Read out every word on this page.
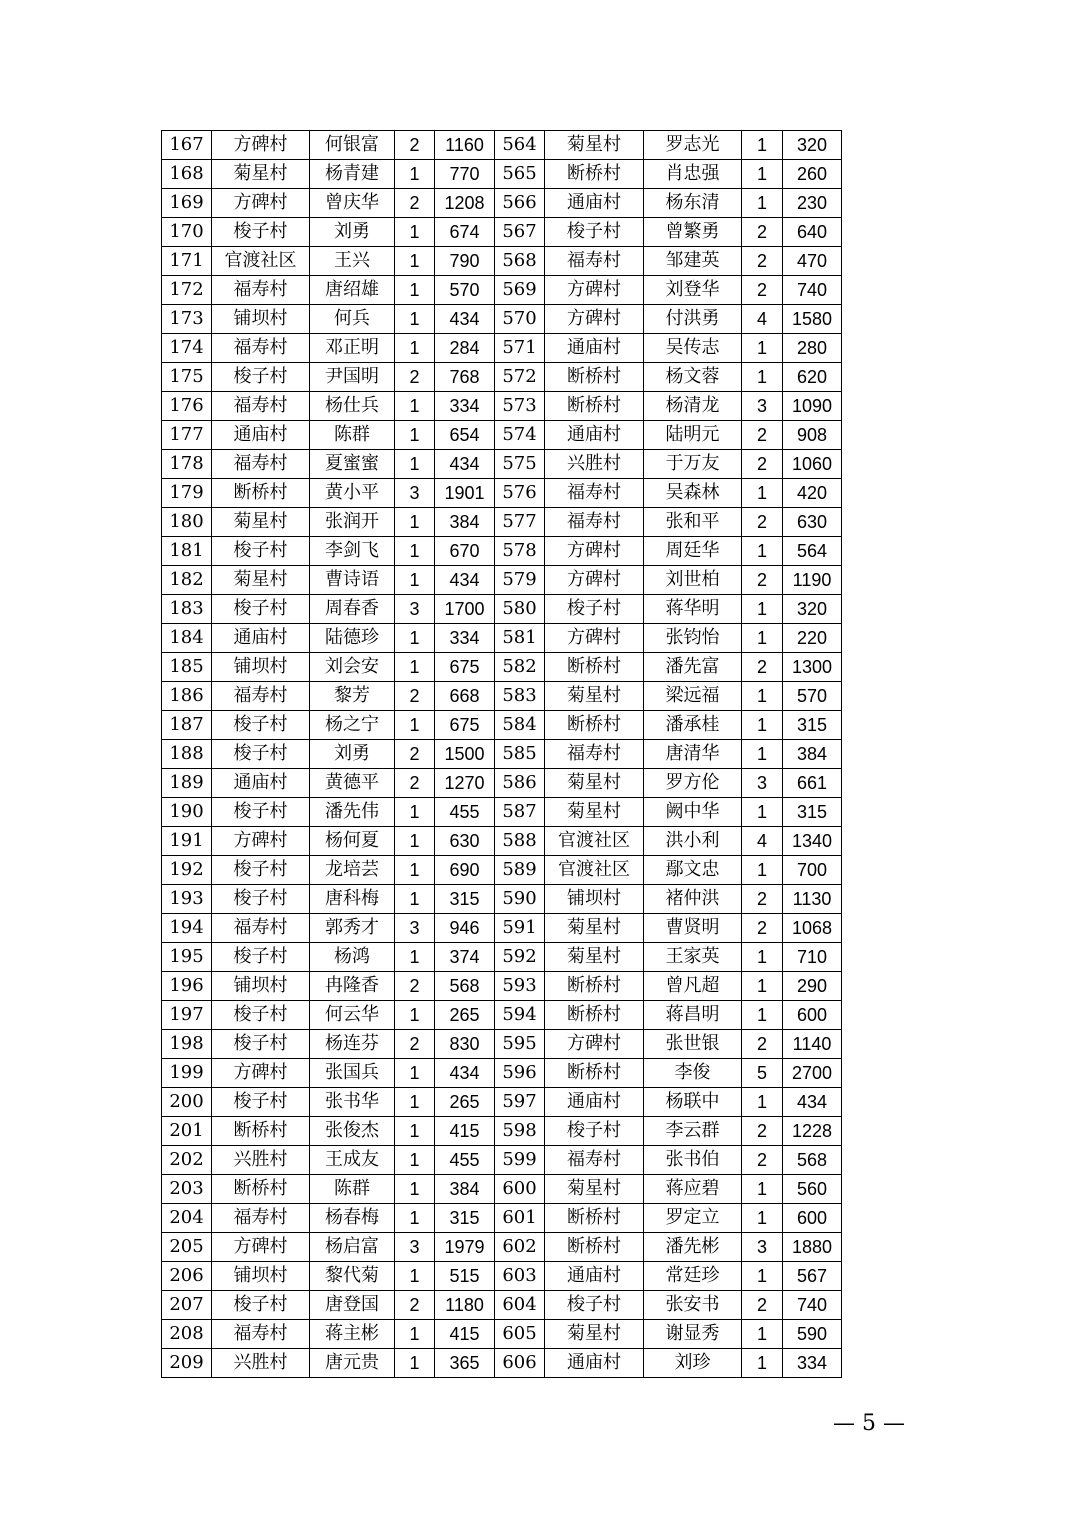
167	方碑村	何银富	2	1160	564	菊星村	罗志光	1	320
168	菊星村	杨青建	1	770	565	断桥村	肖忠强	1	260
169	方碑村	曾庆华	2	1208	566	通庙村	杨东清	1	230
170	梭子村	刘勇	1	674	567	梭子村	曾繁勇	2	640
171	官渡社区	王兴	1	790	568	福寿村	邹建英	2	470
172	福寿村	唐绍雄	1	570	569	方碑村	刘登华	2	740
173	铺坝村	何兵	1	434	570	方碑村	付洪勇	4	1580
174	福寿村	邓正明	1	284	571	通庙村	吴传志	1	280
175	梭子村	尹国明	2	768	572	断桥村	杨文蓉	1	620
176	福寿村	杨仕兵	1	334	573	断桥村	杨清龙	3	1090
177	通庙村	陈群	1	654	574	通庙村	陆明元	2	908
178	福寿村	夏蜜蜜	1	434	575	兴胜村	于万友	2	1060
179	断桥村	黄小平	3	1901	576	福寿村	吴森林	1	420
180	菊星村	张润开	1	384	577	福寿村	张和平	2	630
181	梭子村	李剑飞	1	670	578	方碑村	周廷华	1	564
182	菊星村	曹诗语	1	434	579	方碑村	刘世柏	2	1190
183	梭子村	周春香	3	1700	580	梭子村	蒋华明	1	320
184	通庙村	陆德珍	1	334	581	方碑村	张钧怡	1	220
185	铺坝村	刘会安	1	675	582	断桥村	潘先富	2	1300
186	福寿村	黎芳	2	668	583	菊星村	梁远福	1	570
187	梭子村	杨之宁	1	675	584	断桥村	潘承桂	1	315
188	梭子村	刘勇	2	1500	585	福寿村	唐清华	1	384
189	通庙村	黄德平	2	1270	586	菊星村	罗方伦	3	661
190	梭子村	潘先伟	1	455	587	菊星村	阙中华	1	315
191	方碑村	杨何夏	1	630	588	官渡社区	洪小利	4	1340
192	梭子村	龙培芸	1	690	589	官渡社区	鄢文忠	1	700
193	梭子村	唐科梅	1	315	590	铺坝村	褚仲洪	2	1130
194	福寿村	郭秀才	3	946	591	菊星村	曹贤明	2	1068
195	梭子村	杨鸿	1	374	592	菊星村	王家英	1	710
196	铺坝村	冉隆香	2	568	593	断桥村	曾凡超	1	290
197	梭子村	何云华	1	265	594	断桥村	蒋昌明	1	600
198	梭子村	杨连芬	2	830	595	方碑村	张世银	2	1140
199	方碑村	张国兵	1	434	596	断桥村	李俊	5	2700
200	梭子村	张书华	1	265	597	通庙村	杨联中	1	434
201	断桥村	张俊杰	1	415	598	梭子村	李云群	2	1228
202	兴胜村	王成友	1	455	599	福寿村	张书伯	2	568
203	断桥村	陈群	1	384	600	菊星村	蒋应碧	1	560
204	福寿村	杨春梅	1	315	601	断桥村	罗定立	1	600
205	方碑村	杨启富	3	1979	602	断桥村	潘先彬	3	1880
206	铺坝村	黎代菊	1	515	603	通庙村	常廷珍	1	567
207	梭子村	唐登国	2	1180	604	梭子村	张安书	2	740
208	福寿村	蒋主彬	1	415	605	菊星村	谢显秀	1	590
209	兴胜村	唐元贵	1	365	606	通庙村	刘珍	1	334
— 5 —
